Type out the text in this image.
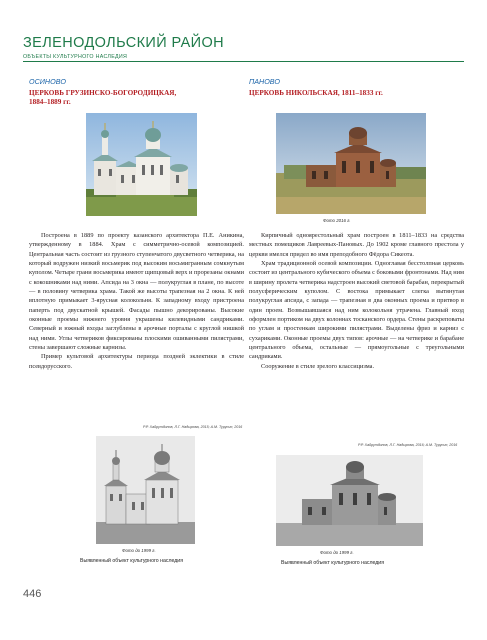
ЗЕЛЕНОДОЛЬСКИЙ РАЙОН
ОБЪЕКТЫ КУЛЬТУРНОГО НАСЛЕДИЯ
ОСИНОВО
ЦЕРКОВЬ ГРУЗИНСКО-БОГОРОДИЦКАЯ,
1884–1889 гг.

Построена в 1889 по проекту казанского архитектора П.Е. Аникина, утвержденному в 1884. Храм с симметрично-осевой композицией. Центральная часть состоит из грузного ступенчатого двусветного четверика, на который водружен низкий восьмерик под высоким восьмигранным сомкнутым куполом. Четыре грани восьмерика имеют щипцовый верх и прорезаны окнами с кокошниками над ними. Апсида на 3 окна — полукруглая в плане, по высоте — в половину четверика храма. Такой же высоты трапезная на 2 окна. К ней вплотную примыкает 3-ярусная колокольня. К западному входу пристроена паперть под двускатной крышей. Фасады пышно декорированы. Высокие оконные проемы нижнего уровня украшены килевидными сандриками. Северный и южный входы заглублены в арочные порталы с круглой нишкой над ними. Углы четвериков фиксированы плоскими ошиванными пилястрами, стены завершают сложные карнизы.

Пример культовой архитектуры периода поздней эклектики в стиле псевдорусского.

Р.Р. Хайрутдинов, Л.Г. Надырова, 2015; А.М. Турусин, 2016
ПАНОВО
ЦЕРКОВЬ НИКОЛЬСКАЯ, 1811–1833 гг.
Фото 2016 г.

Кирпичный одноярестольный храм построен в 1811–1833 на средства местных помещиков Лавреевых-Пановых. До 1902 кроме главного престола у церкви имелся придел во имя преподобного Фёдора Сикеота.

Храм традиционной осевой композиции. Одноглавая бесстолпная церковь состоит из центрального кубического объема с боковыми фронтонами. Над ним в ширину пролета четверика надстроен высокий световой барабан, перекрытый полусферическим куполом. С востока примыкает слегка вытянутая полукруглая апсида, с запада — трапезная в два оконных проема и притвор в один проем. Возвышавшаяся над ним колокольня утрачена. Главный вход оформлен портиком на двух колоннах тосканского ордера. Стены раскреповаты по углам и простенкам широкими пилястрами. Выделены фриз и карниз с сухариками. Оконные проемы двух типов: арочные — на четверике и барабане центрального объема, остальные — прямоугольные с треугольными сандриками.

Сооружение в стиле зрелого классицизма.

Р.Р. Хайрутдинов, Л.Г. Надырова, 2016; А.М. Турусин, 2016
Фото до 1999 г.
Выявленный объект культурного наследия
Фото до 1999 г.
Выявленный объект культурного наследия
446
